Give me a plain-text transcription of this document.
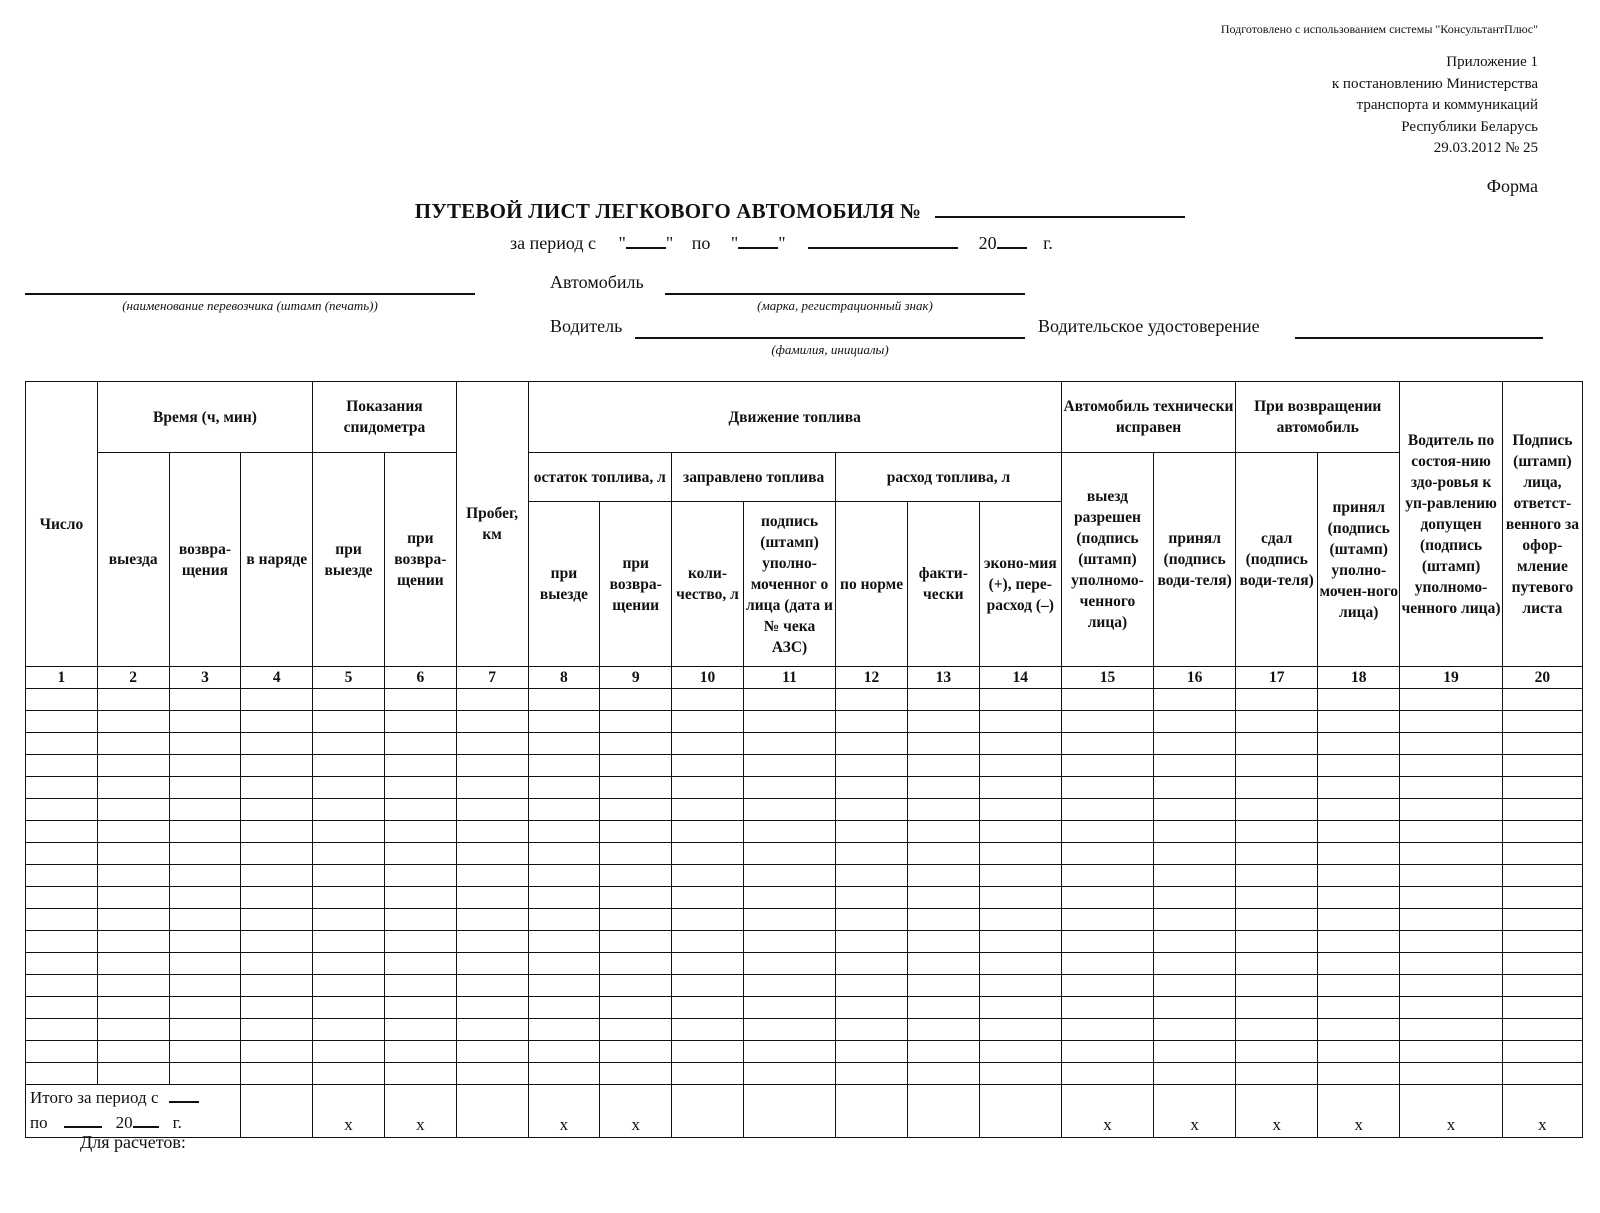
Подготовлено с использованием системы "КонсультантПлюс"
Приложение 1
к постановлению Министерства
транспорта и коммуникаций
Республики Беларусь
29.03.2012 № 25
Форма
ПУТЕВОЙ ЛИСТ ЛЕГКОВОГО АВТОМОБИЛЯ №
за период с " " по " "	20	г.
(наименование перевозчика (штамп (печать))
Автомобиль
(марка, регистрационный знак)
Водитель
(фамилия, инициалы)
Водительское удостоверение
Число	Время (ч, мин)			Показания спидометра		Пробег, км	Движение топлива							Автомобиль технически исправен		При возвращении автомобиль		Водитель по состоя-нию здо-ровья к уп-равлению допущен (подпись (штамп) уполномо-ченного лица)	Подпись (штамп) лица, ответст-венного за офор-мление путевого листа
	выезда	возвра-щения	в наряде	при выезде	при возвра-щении		остаток топлива, л		заправлено топлива		расход топлива, л			выезд разрешен (подпись (штамп) уполномо-ченного лица)	принял (подпись води-теля)	сдал (подпись води-теля)	принял (подпись (штамп) уполно-мочен-ного лица)		
							при выезде	при возвра-щении	коли-чество, л	подпись (штамп) уполно-моченног о лица (дата и № чека АЗС)	по норме	факти-чески	эконо-мия (+), пере-расход (–)						
1	2	3	4	5	6	7	8	9	10	11	12	13	14	15	16	17	18	19	20

Итого за период с
по 20 г.				x	x		x	x						x	x	x	x	x	x
Для расчетов:
